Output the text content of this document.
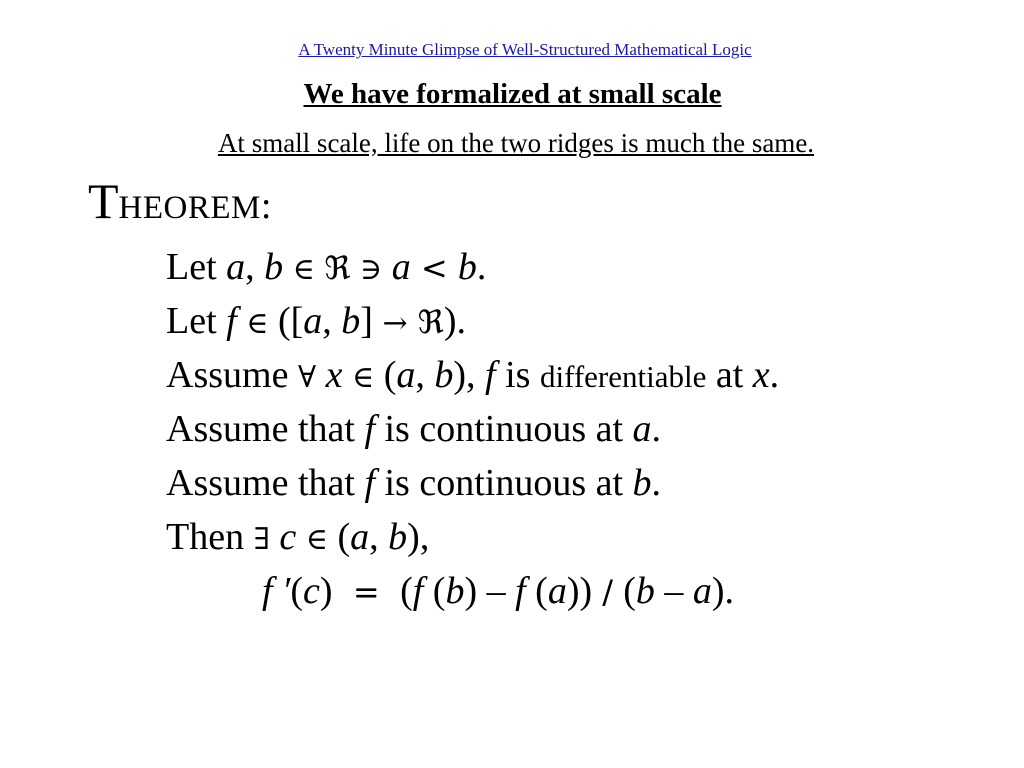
A Twenty Minute Glimpse of Well-Structured Mathematical Logic
We have formalized at small scale
At small scale, life on the two ridges is much the same.
THEOREM:
Let a, b ∈ ℜ ∋ a < b.
Let f ∈ ([a, b] → ℜ).
Assume ∀ x ∈ (a, b), f is differentiable at x.
Assume that f is continuous at a.
Assume that f is continuous at b.
Then ∃ c ∈ (a, b),
f ′(c)  =  (f (b) – f (a)) / (b – a).
